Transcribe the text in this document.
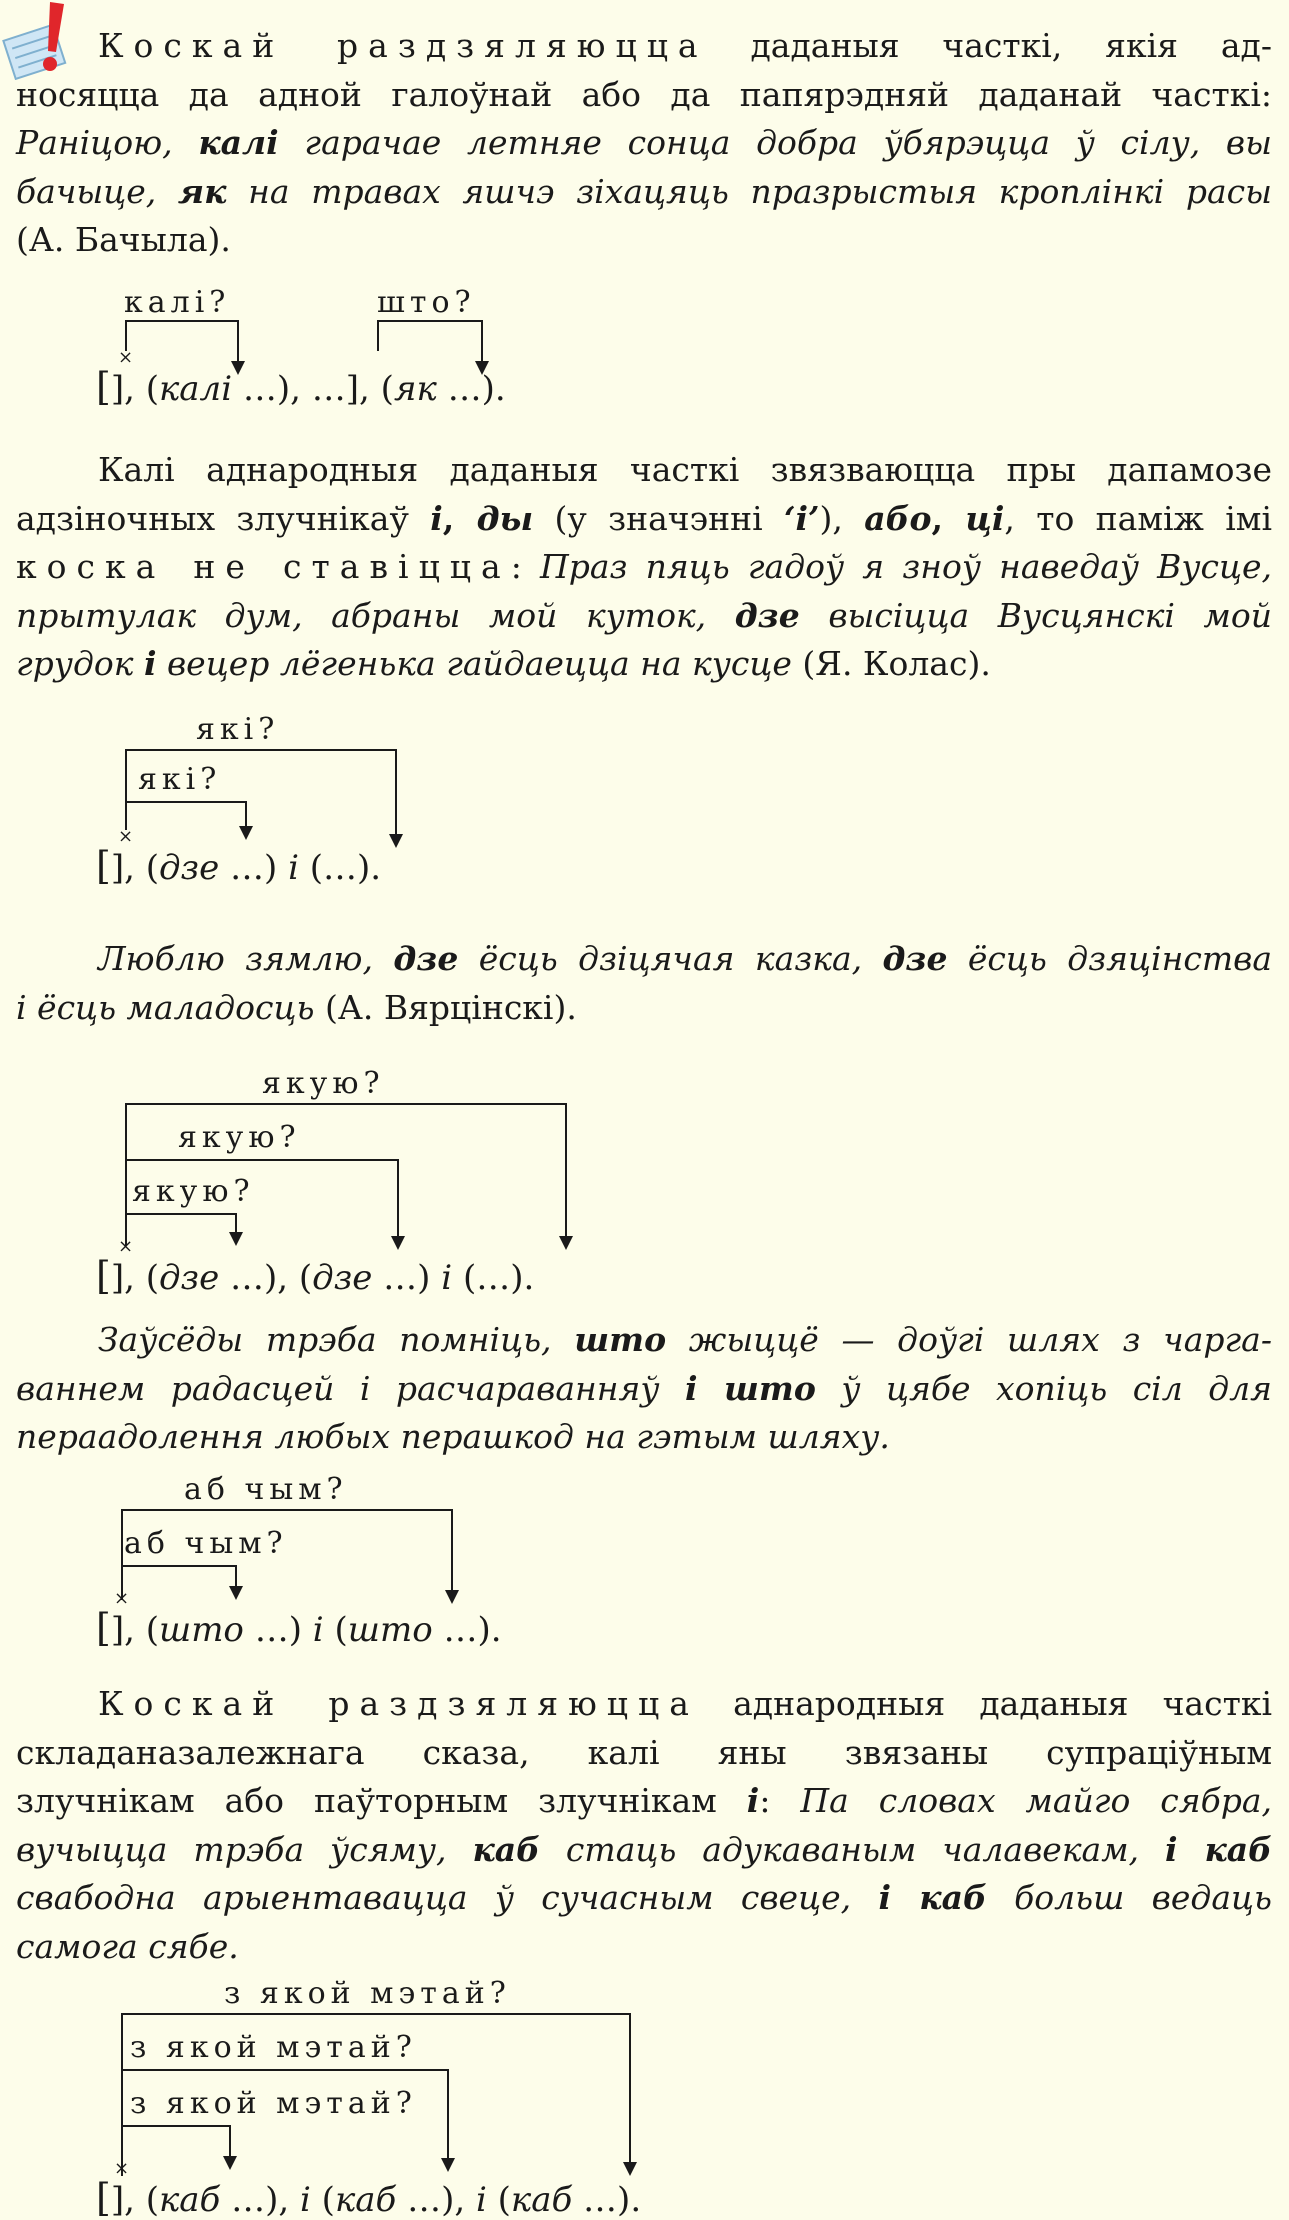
Коскай раздзяляюцца даданыя часткі, якія ад-
носяцца да адной галоўнай або да папярэдняй даданай часткі:
Раніцою, калі гарачае летняе сонца добра ўбярэцца ў сілу, вы
бачыце, як на травах яшчэ зіхацяць празрыстыя кроплінкі расы
(А. Бачыла).
калі?	што?
×
[], (калі …), …], (як …).
Калі аднародныя даданыя часткі звязваюцца пры дапамозе
адзіночных злучнікаў і, ды (у значэнні ‘і’), або, ці, то паміж імі
коска не ставіцца: Праз пяць гадоў я зноў наведаў Вусце,
прытулак дум, абраны мой куток, дзе высіцца Вусцянскі мой
грудок і вецер лёгенька гайдаецца на кусце (Я. Колас).
які?
які?
×
[], (дзе …) і (…).
Люблю зямлю, дзе ёсць дзіцячая казка, дзе ёсць дзяцінства
і ёсць маладосць (А. Вярцінскі).
якую?
якую?
якую?
×
[], (дзе …), (дзе …) і (…).
Заўсёды трэба помніць, што жыццё — доўгі шлях з чарга-
ваннем радасцей і расчараванняў і што ў цябе хопіць сіл для
пераадолення любых перашкод на гэтым шляху.
аб чым?
аб чым?
×
[], (што …) і (што …).
Коскай раздзяляюцца аднародныя даданыя часткі
складаназалежнага сказа, калі яны звязаны супраціўным
злучнікам або паўторным злучнікам і: Па словах майго сябра,
вучыцца трэба ўсяму, каб стаць адукаваным чалавекам, і каб
свабодна арыентавацца ў сучасным свеце, і каб больш ведаць
самога сябе.
з якой мэтай?
з якой мэтай?
з якой мэтай?
×
[], (каб …), і (каб …), і (каб …).
